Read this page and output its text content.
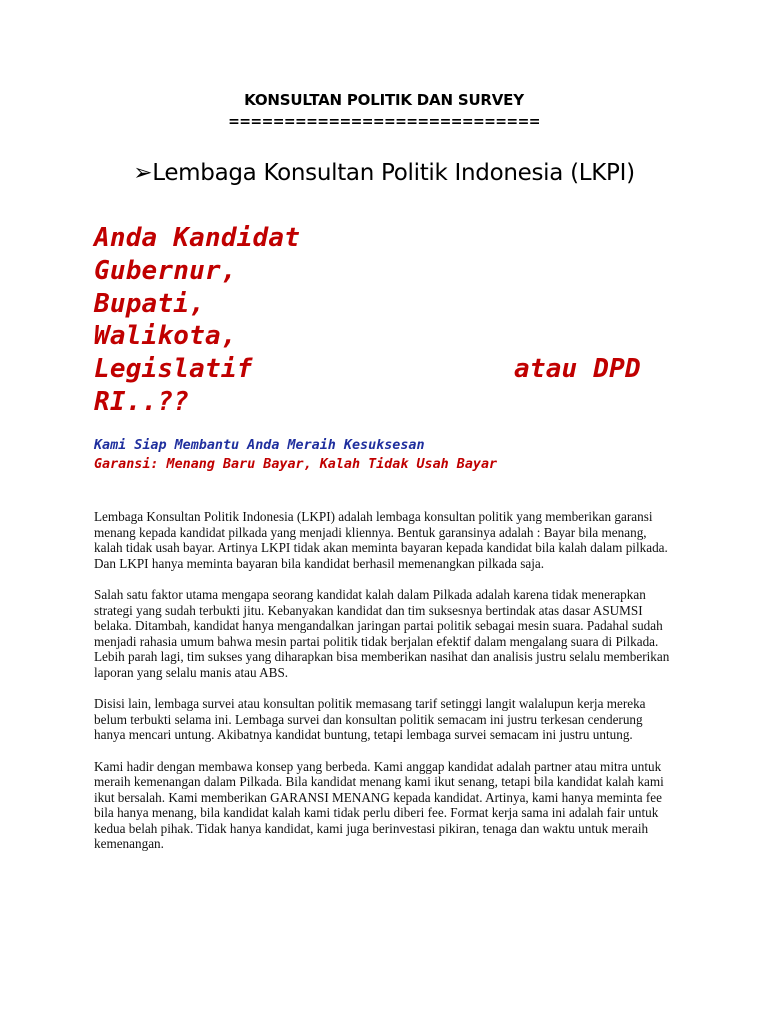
KONSULTAN POLITIK DAN SURVEY
============================
➢Lembaga Konsultan Politik Indonesia (LKPI)
Anda Kandidat
Gubernur,
Bupati,
Walikota,
Legislatif	atau DPD
RI..??
Kami Siap Membantu Anda Meraih Kesuksesan
Garansi: Menang Baru Bayar, Kalah Tidak Usah Bayar

Lembaga Konsultan Politik Indonesia (LKPI) adalah lembaga konsultan politik yang memberikan garansi menang kepada kandidat pilkada yang menjadi kliennya. Bentuk garansinya adalah : Bayar bila menang, kalah tidak usah bayar. Artinya LKPI tidak akan meminta bayaran kepada kandidat bila kalah dalam pilkada. Dan LKPI hanya meminta bayaran bila kandidat berhasil memenangkan pilkada saja.

Salah satu faktor utama mengapa seorang kandidat kalah dalam Pilkada adalah karena tidak menerapkan strategi yang sudah terbukti jitu. Kebanyakan kandidat dan tim suksesnya bertindak atas dasar ASUMSI belaka. Ditambah, kandidat hanya mengandalkan jaringan partai politik sebagai mesin suara. Padahal sudah menjadi rahasia umum bahwa mesin partai politik tidak berjalan efektif dalam mengalang suara di Pilkada. Lebih parah lagi, tim sukses yang diharapkan bisa memberikan nasihat dan analisis justru selalu memberikan laporan yang selalu manis atau ABS.

Disisi lain, lembaga survei atau konsultan politik memasang tarif setinggi langit walalupun kerja mereka belum terbukti selama ini. Lembaga survei dan konsultan politik semacam ini justru terkesan cenderung hanya mencari untung. Akibatnya kandidat buntung, tetapi lembaga survei semacam ini justru untung.

Kami hadir dengan membawa konsep yang berbeda. Kami anggap kandidat adalah partner atau mitra untuk meraih kemenangan dalam Pilkada. Bila kandidat menang kami ikut senang, tetapi bila kandidat kalah kami ikut bersalah. Kami memberikan GARANSI MENANG kepada kandidat. Artinya, kami hanya meminta fee bila hanya menang, bila kandidat kalah kami tidak perlu diberi fee. Format kerja sama ini adalah fair untuk kedua belah pihak. Tidak hanya kandidat, kami juga berinvestasi pikiran, tenaga dan waktu untuk meraih kemenangan.
